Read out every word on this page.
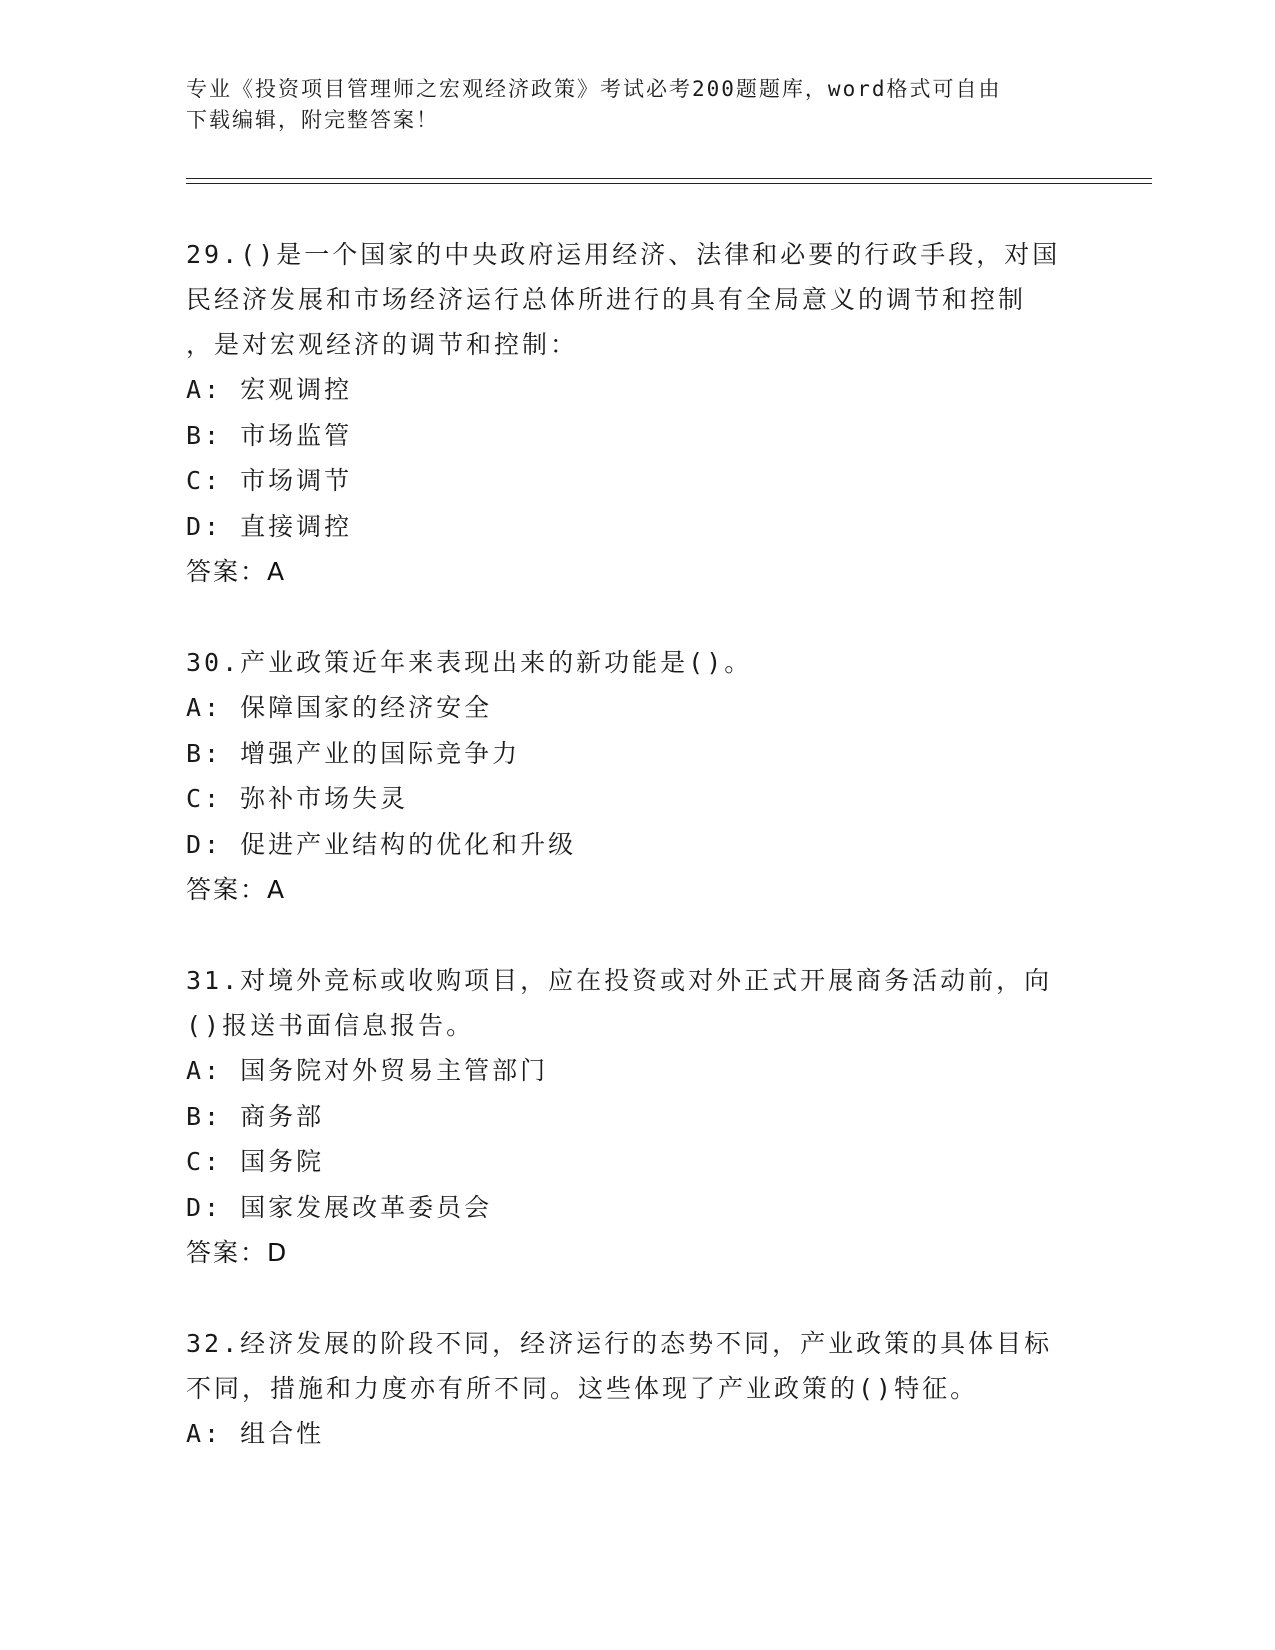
专业《投资项目管理师之宏观经济政策》考试必考200题题库，word格式可自由
下载编辑，附完整答案！
29.()是一个国家的中央政府运用经济、法律和必要的行政手段，对国
民经济发展和市场经济运行总体所进行的具有全局意义的调节和控制
，是对宏观经济的调节和控制：
A: 宏观调控
B: 市场监管
C: 市场调节
D: 直接调控
答案：A
30.产业政策近年来表现出来的新功能是()。
A: 保障国家的经济安全
B: 增强产业的国际竞争力
C: 弥补市场失灵
D: 促进产业结构的优化和升级
答案：A
31.对境外竞标或收购项目，应在投资或对外正式开展商务活动前，向
()报送书面信息报告。
A: 国务院对外贸易主管部门
B: 商务部
C: 国务院
D: 国家发展改革委员会
答案：D
32.经济发展的阶段不同，经济运行的态势不同，产业政策的具体目标
不同，措施和力度亦有所不同。这些体现了产业政策的()特征。
A: 组合性
